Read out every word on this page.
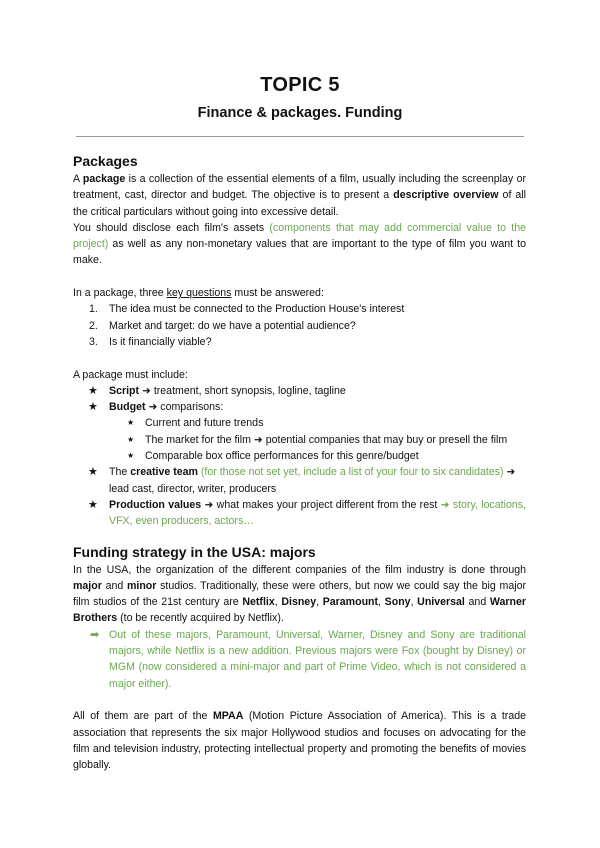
TOPIC 5
Finance & packages. Funding
Packages

A package is a collection of the essential elements of a film, usually including the screenplay or treatment, cast, director and budget. The objective is to present a descriptive overview of all the critical particulars without going into excessive detail.

You should disclose each film's assets (components that may add commercial value to the project) as well as any non-monetary values that are important to the type of film you want to make.

In a package, three key questions must be answered:

1. The idea must be connected to the Production House's interest
2. Market and target: do we have a potential audience?
3. Is it financially viable?

A package must include:

★ Script ➜ treatment, short synopsis, logline, tagline
★ Budget ➜ comparisons:
★ Current and future trends
★ The market for the film ➜ potential companies that may buy or presell the film
★ Comparable box office performances for this genre/budget
★ The creative team (for those not set yet, include a list of your four to six candidates) ➜ lead cast, director, writer, producers
★ Production values ➜ what makes your project different from the rest ➜ story, locations, VFX, even producers, actors…
Funding strategy in the USA: majors

In the USA, the organization of the different companies of the film industry is done through major and minor studios. Traditionally, these were others, but now we could say the big major film studios of the 21st century are Netflix, Disney, Paramount, Sony, Universal and Warner Brothers (to be recently acquired by Netflix).

➡ Out of these majors, Paramount, Universal, Warner, Disney and Sony are traditional majors, while Netflix is a new addition. Previous majors were Fox (bought by Disney) or MGM (now considered a mini-major and part of Prime Video, which is not considered a major either).

All of them are part of the MPAA (Motion Picture Association of America). This is a trade association that represents the six major Hollywood studios and focuses on advocating for the film and television industry, protecting intellectual property and promoting the benefits of movies globally.
